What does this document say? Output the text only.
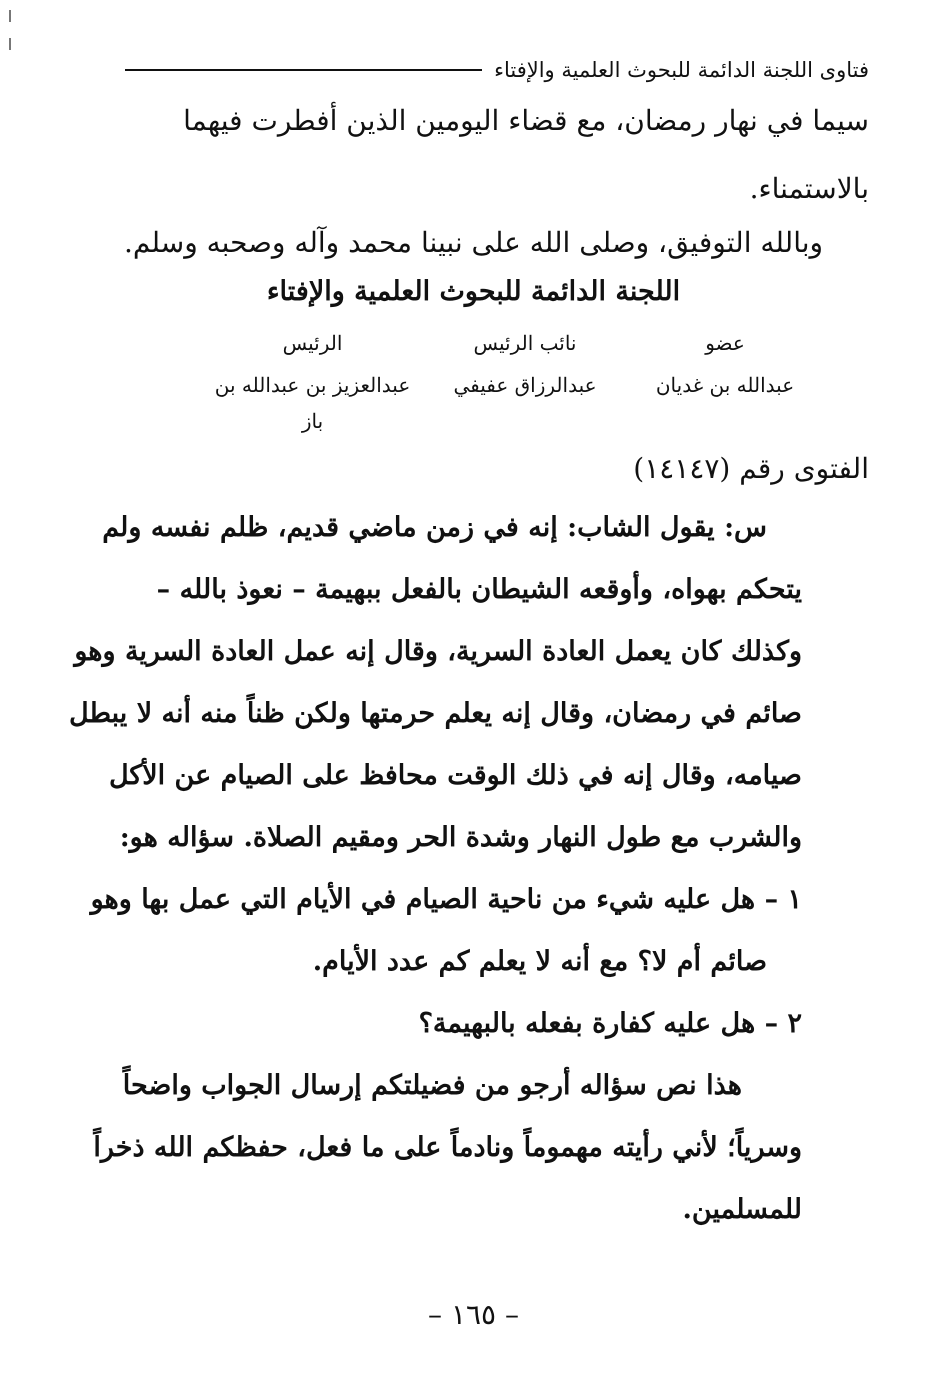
فتاوى اللجنة الدائمة للبحوث العلمية والإفتاء
سيما في نهار رمضان، مع قضاء اليومين الذين أفطرت فيهما
بالاستمناء.
وبالله التوفيق، وصلى الله على نبينا محمد وآله وصحبه وسلم.
اللجنة الدائمة للبحوث العلمية والإفتاء
عضو
عبدالله بن غديان
نائب الرئيس
عبدالرزاق عفيفي
الرئيس
عبدالعزيز بن عبدالله بن باز
الفتوى رقم (١٤١٤٧)
س: يقول الشاب: إنه في زمن ماضي قديم، ظلم نفسه ولم
يتحكم بهواه، وأوقعه الشيطان بالفعل ببهيمة – نعوذ بالله –
وكذلك كان يعمل العادة السرية، وقال إنه عمل العادة السرية وهو
صائم في رمضان، وقال إنه يعلم حرمتها ولكن ظناً منه أنه لا يبطل
صيامه، وقال إنه في ذلك الوقت محافظ على الصيام عن الأكل
والشرب مع طول النهار وشدة الحر ومقيم الصلاة. سؤاله هو:
١ – هل عليه شيء من ناحية الصيام في الأيام التي عمل بها وهو
صائم أم لا؟ مع أنه لا يعلم كم عدد الأيام.
٢ – هل عليه كفارة بفعله بالبهيمة؟
هذا نص سؤاله أرجو من فضيلتكم إرسال الجواب واضحاً
وسرياً؛ لأني رأيته مهموماً ونادماً على ما فعل، حفظكم الله ذخراً
للمسلمين.
– ١٦٥ –
